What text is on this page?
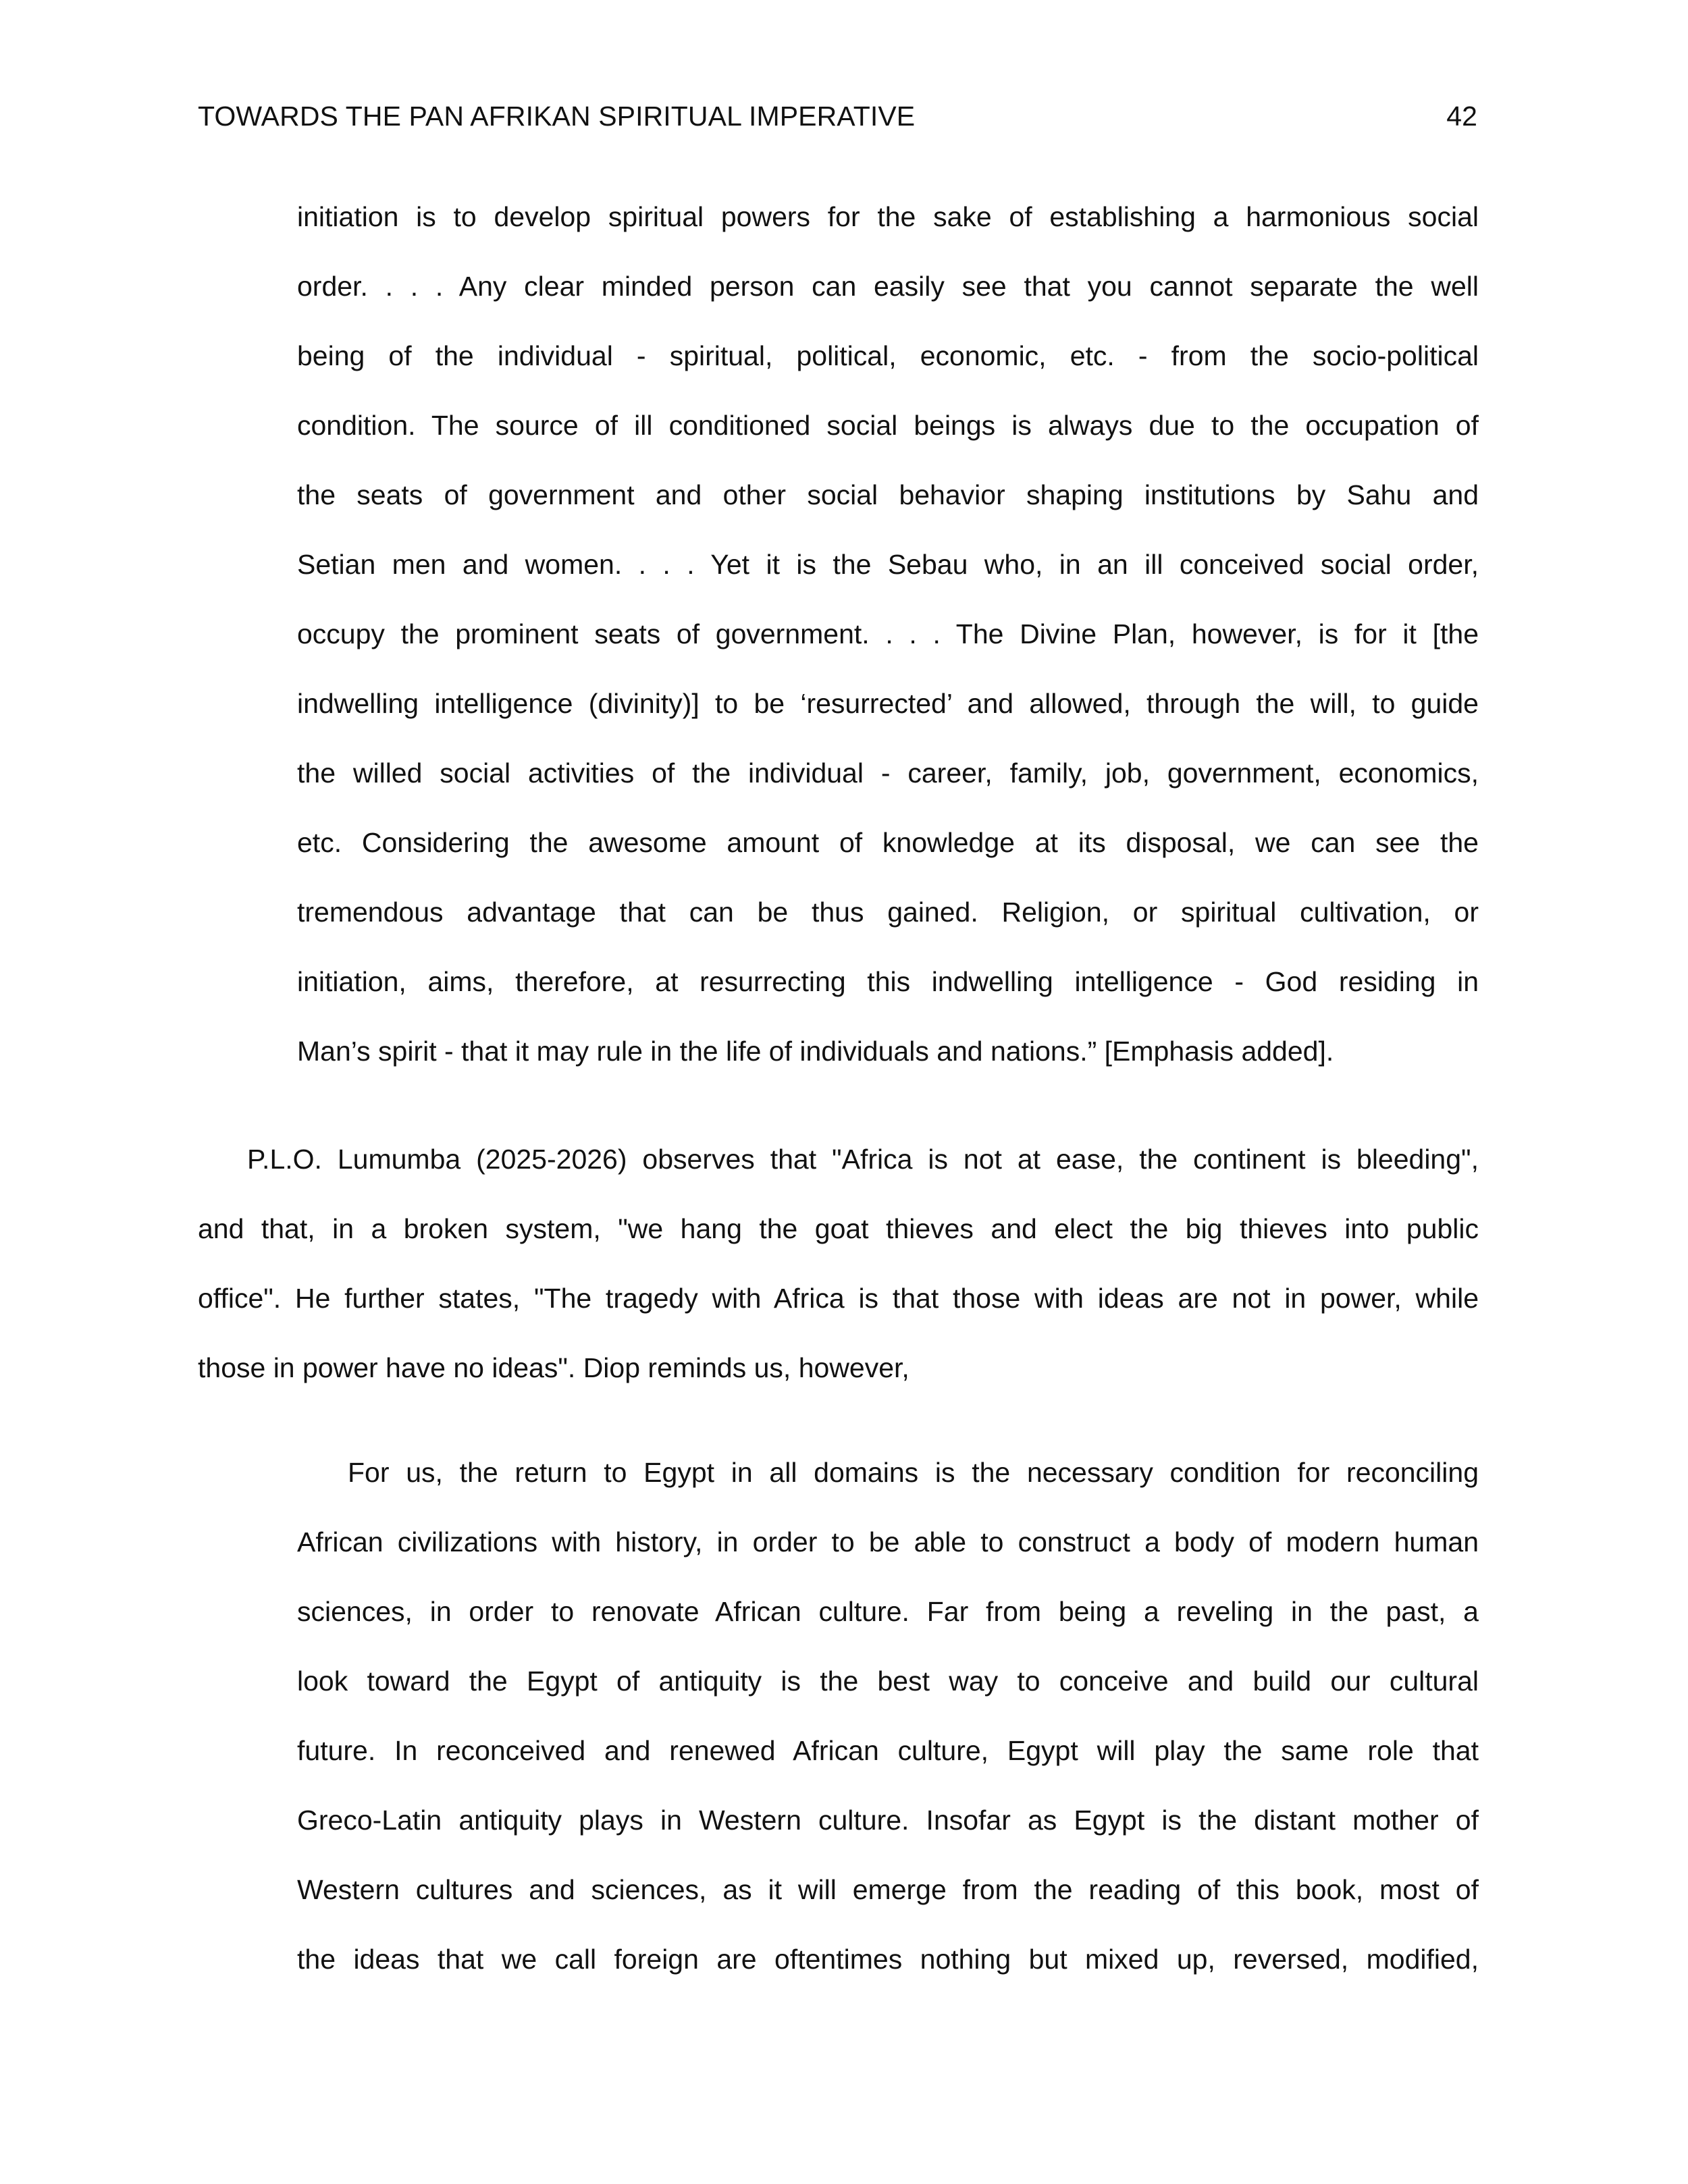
TOWARDS THE PAN AFRIKAN SPIRITUAL IMPERATIVE	42
initiation is to develop spiritual powers for the sake of establishing a harmonious social
order. . . . Any clear minded person can easily see that you cannot separate the well
being of the individual - spiritual, political, economic, etc. - from the socio-political
condition. The source of ill conditioned social beings is always due to the occupation of
the seats of government and other social behavior shaping institutions by Sahu and
Setian men and women. . . . Yet it is the Sebau who, in an ill conceived social order,
occupy the prominent seats of government. . . . The Divine Plan, however, is for it [the
indwelling intelligence (divinity)] to be ‘resurrected’ and allowed, through the will, to guide
the willed social activities of the individual - career, family, job, government, economics,
etc. Considering the awesome amount of knowledge at its disposal, we can see the
tremendous advantage that can be thus gained. Religion, or spiritual cultivation, or
initiation, aims, therefore, at resurrecting this indwelling intelligence - God residing in
Man’s spirit - that it may rule in the life of individuals and nations.” [Emphasis added].
P.L.O. Lumumba (2025-2026) observes that "Africa is not at ease, the continent is bleeding",
and that, in a broken system, "we hang the goat thieves and elect the big thieves into public
office". He further states, "The tragedy with Africa is that those with ideas are not in power, while
those in power have no ideas". Diop reminds us, however,
For us, the return to Egypt in all domains is the necessary condition for reconciling
African civilizations with history, in order to be able to construct a body of modern human
sciences, in order to renovate African culture. Far from being a reveling in the past, a
look toward the Egypt of antiquity is the best way to conceive and build our cultural
future. In reconceived and renewed African culture, Egypt will play the same role that
Greco-Latin antiquity plays in Western culture. Insofar as Egypt is the distant mother of
Western cultures and sciences, as it will emerge from the reading of this book, most of
the ideas that we call foreign are oftentimes nothing but mixed up, reversed, modified,
